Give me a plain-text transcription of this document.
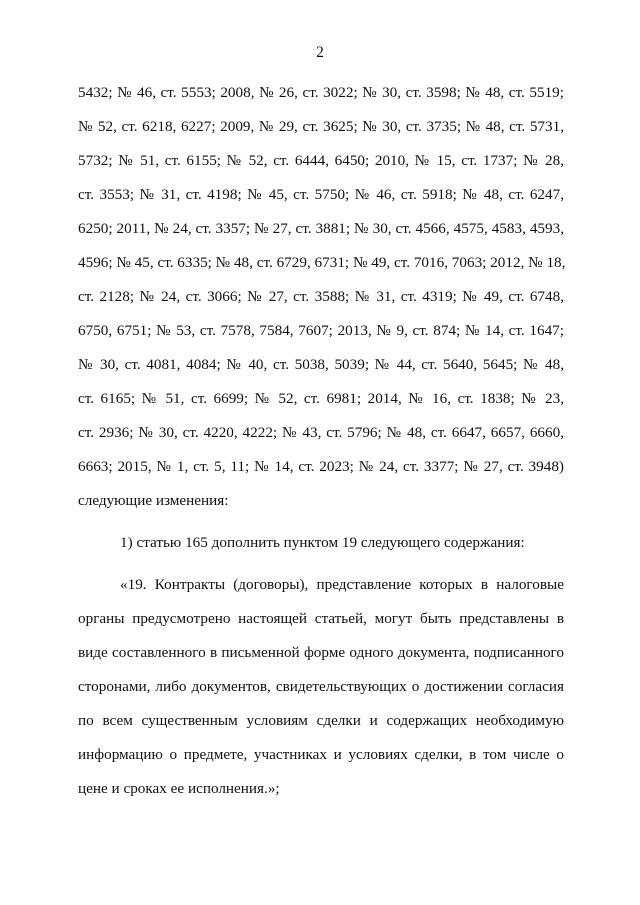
2
5432; № 46, ст. 5553; 2008, № 26, ст. 3022; № 30, ст. 3598; № 48, ст. 5519;
№ 52, ст. 6218, 6227; 2009, № 29, ст. 3625; № 30, ст. 3735; № 48, ст. 5731,
5732; № 51, ст. 6155; № 52, ст. 6444, 6450; 2010, № 15, ст. 1737; № 28,
ст. 3553; № 31, ст. 4198; № 45, ст. 5750; № 46, ст. 5918; № 48, ст. 6247,
6250; 2011, № 24, ст. 3357; № 27, ст. 3881; № 30, ст. 4566, 4575, 4583, 4593,
4596; № 45, ст. 6335; № 48, ст. 6729, 6731; № 49, ст. 7016, 7063; 2012, № 18,
ст. 2128; № 24, ст. 3066; № 27, ст. 3588; № 31, ст. 4319; № 49, ст. 6748,
6750, 6751; № 53, ст. 7578, 7584, 7607; 2013, № 9, ст. 874; № 14, ст. 1647;
№ 30, ст. 4081, 4084; № 40, ст. 5038, 5039; № 44, ст. 5640, 5645; № 48,
ст. 6165; № 51, ст. 6699; № 52, ст. 6981; 2014, № 16, ст. 1838; № 23,
ст. 2936; № 30, ст. 4220, 4222; № 43, ст. 5796; № 48, ст. 6647, 6657, 6660,
6663; 2015, № 1, ст. 5, 11; № 14, ст. 2023; № 24, ст. 3377; № 27, ст. 3948)
следующие изменения:
1) статью 165 дополнить пунктом 19 следующего содержания:
«19. Контракты (договоры), представление которых в налоговые
органы предусмотрено настоящей статьей, могут быть представлены в
виде составленного в письменной форме одного документа, подписанного
сторонами, либо документов, свидетельствующих о достижении согласия
по всем существенным условиям сделки и содержащих необходимую
информацию о предмете, участниках и условиях сделки, в том числе о
цене и сроках ее исполнения.»;
